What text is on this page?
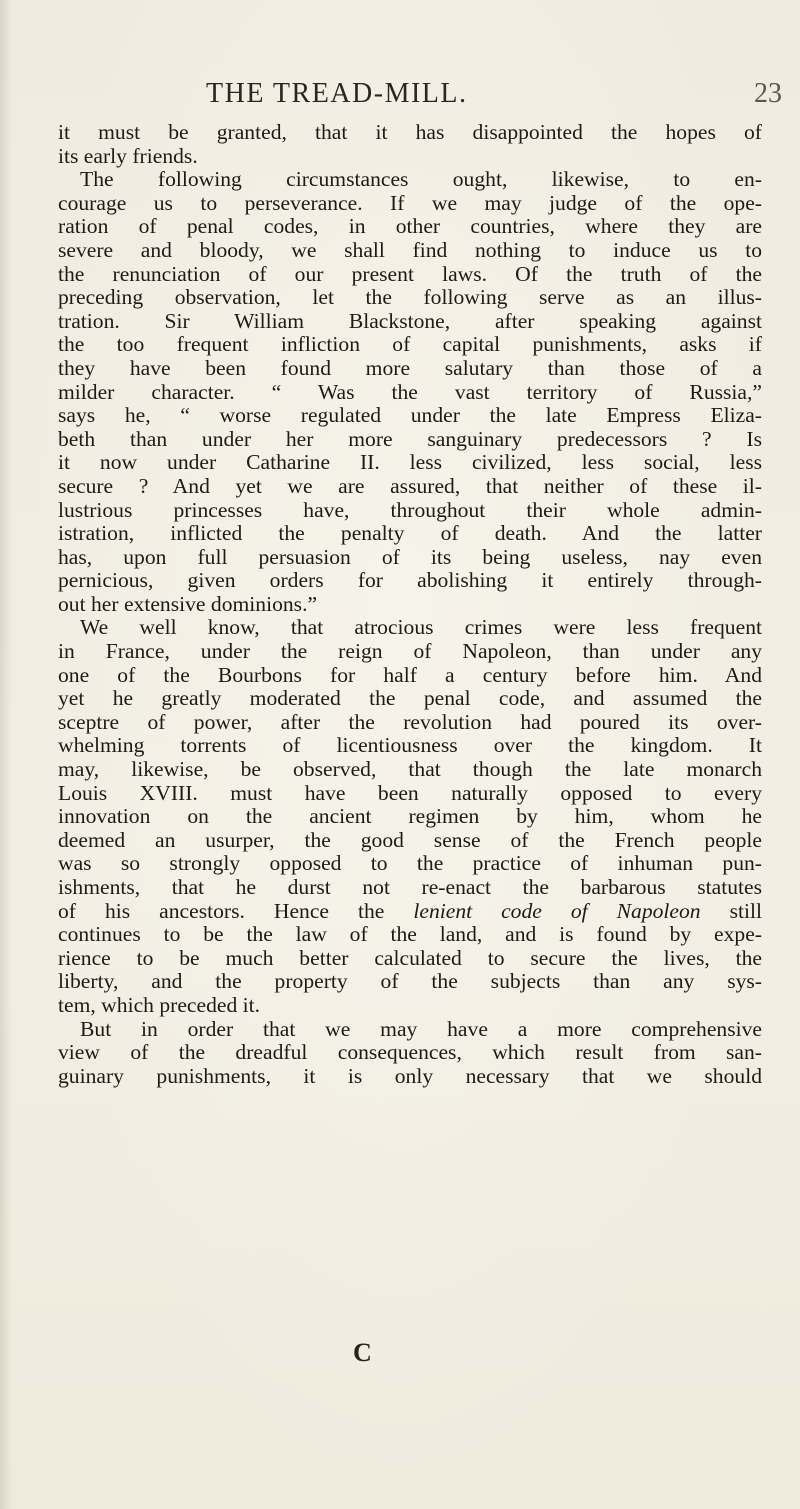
THE TREAD-MILL.	23
it must be granted, that it has disappointed the hopes of
its early friends.
The following circumstances ought, likewise, to en-
courage us to perseverance. If we may judge of the ope-
ration of penal codes, in other countries, where they are
severe and bloody, we shall find nothing to induce us to
the renunciation of our present laws. Of the truth of the
preceding observation, let the following serve as an illus-
tration. Sir William Blackstone, after speaking against
the too frequent infliction of capital punishments, asks if
they have been found more salutary than those of a
milder character. “ Was the vast territory of Russia,”
says he, “ worse regulated under the late Empress Eliza-
beth than under her more sanguinary predecessors ? Is
it now under Catharine II. less civilized, less social, less
secure ? And yet we are assured, that neither of these il-
lustrious princesses have, throughout their whole admin-
istration, inflicted the penalty of death. And the latter
has, upon full persuasion of its being useless, nay even
pernicious, given orders for abolishing it entirely through-
out her extensive dominions.”
We well know, that atrocious crimes were less frequent
in France, under the reign of Napoleon, than under any
one of the Bourbons for half a century before him. And
yet he greatly moderated the penal code, and assumed the
sceptre of power, after the revolution had poured its over-
whelming torrents of licentiousness over the kingdom. It
may, likewise, be observed, that though the late monarch
Louis XVIII. must have been naturally opposed to every
innovation on the ancient regimen by him, whom he
deemed an usurper, the good sense of the French people
was so strongly opposed to the practice of inhuman pun-
ishments, that he durst not re-enact the barbarous statutes
of his ancestors. Hence the lenient code of Napoleon still
continues to be the law of the land, and is found by expe-
rience to be much better calculated to secure the lives, the
liberty, and the property of the subjects than any sys-
tem, which preceded it.
But in order that we may have a more comprehensive
view of the dreadful consequences, which result from san-
guinary punishments, it is only necessary that we should
C
